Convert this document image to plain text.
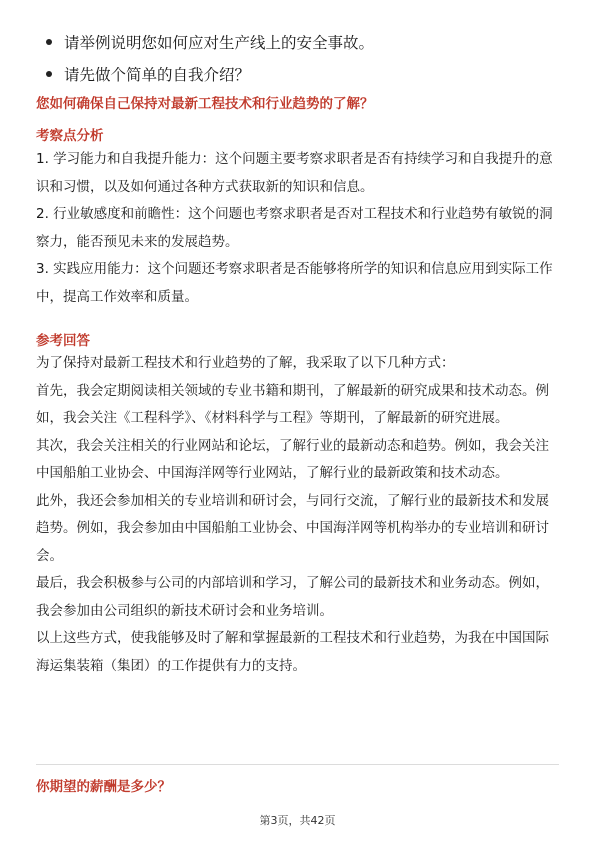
请举例说明您如何应对生产线上的安全事故。
请先做个简单的自我介绍？
您如何确保自己保持对最新工程技术和行业趋势的了解？
考察点分析

1. 学习能力和自我提升能力：这个问题主要考察求职者是否有持续学习和自我提升的意识和习惯，以及如何通过各种方式获取新的知识和信息。

2. 行业敏感度和前瞻性：这个问题也考察求职者是否对工程技术和行业趋势有敏锐的洞察力，能否预见未来的发展趋势。

3. 实践应用能力：这个问题还考察求职者是否能够将所学的知识和信息应用到实际工作中，提高工作效率和质量。

参考回答

为了保持对最新工程技术和行业趋势的了解，我采取了以下几种方式：

首先，我会定期阅读相关领域的专业书籍和期刊，了解最新的研究成果和技术动态。例如，我会关注《工程科学》、《材料科学与工程》等期刊，了解最新的研究进展。

其次，我会关注相关的行业网站和论坛，了解行业的最新动态和趋势。例如，我会关注中国船舶工业协会、中国海洋网等行业网站，了解行业的最新政策和技术动态。

此外，我还会参加相关的专业培训和研讨会，与同行交流，了解行业的最新技术和发展趋势。例如，我会参加由中国船舶工业协会、中国海洋网等机构举办的专业培训和研讨会。

最后，我会积极参与公司的内部培训和学习，了解公司的最新技术和业务动态。例如，我会参加由公司组织的新技术研讨会和业务培训。

以上这些方式，使我能够及时了解和掌握最新的工程技术和行业趋势，为我在中国国际海运集装箱（集团）的工作提供有力的支持。

你期望的薪酬是多少？
第3页，共42页
